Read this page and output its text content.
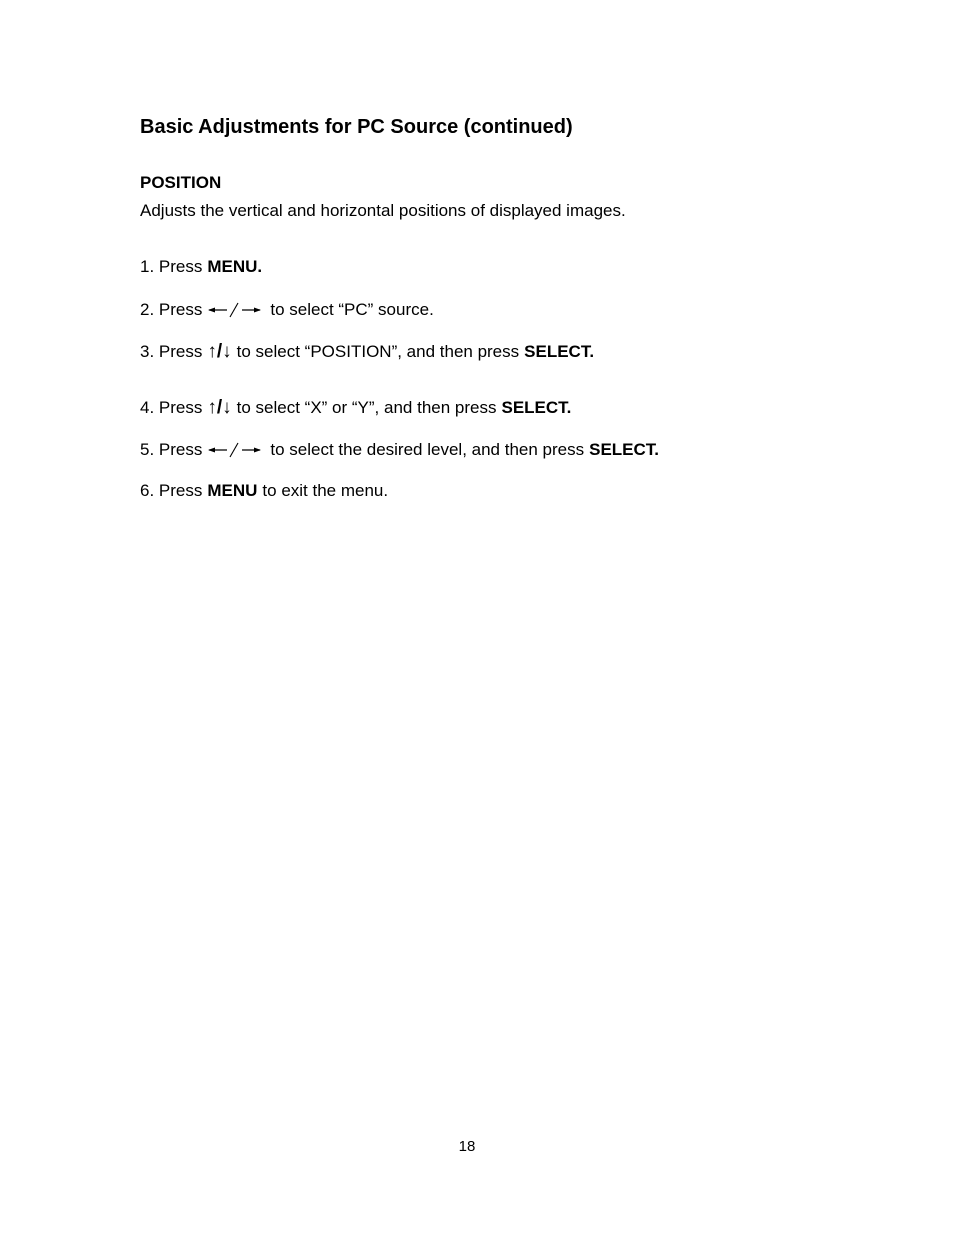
Basic Adjustments for PC Source (continued)
POSITION
Adjusts the vertical and horizontal positions of displayed images.
1. Press MENU.
2. Press	to select “PC” source.
3. Press ↑/↓ to select “POSITION”, and then press SELECT.
4. Press ↑/↓ to select “X” or “Y”, and then press SELECT.
5. Press	to select the desired level, and then press SELECT.
6. Press MENU to exit the menu.
18
